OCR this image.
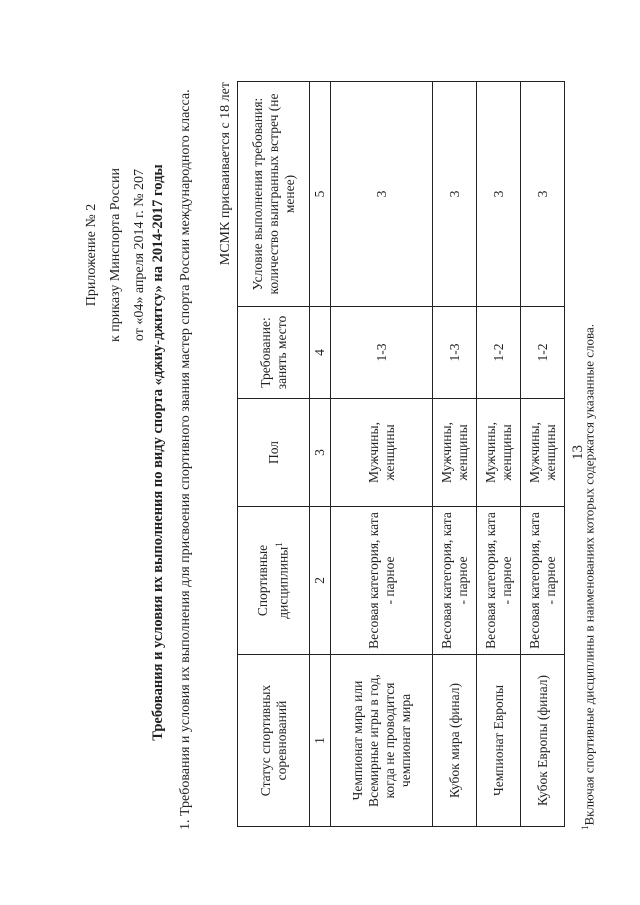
13
Приложение № 2 к приказу Минспорта России от «04» апреля 2014 г. № 207 Требования и условия их выполнения по виду спорта «джиу-джитсу» на 2014-2017 годы 1. Требования и условия их выполнения для присвоения спортивного звания мастер спорта России международного класса. МСМК присваивается с 18 лет
Статус спортивных соревнований	Спортивные дисциплины$^1$	Пол	Требование: занять место	Условие выполнения требования: количество выигранных встреч (не менее)
1	2	3	4	5
Чемпионат мира или Всемирные игры в год, когда не проводится чемпионат мира	Весовая категория, ката - парное	Мужчины, женщины	1-3	3
Кубок мира (финал)	Весовая категория, ката - парное	Мужчины, женщины	1-3	3
Чемпионат Европы	Весовая категория, ката - парное	Мужчины, женщины	1-2	3
Кубок Европы (финал)	Весовая категория, ката - парное	Мужчины, женщины	1-2	3
$^1$Включая спортивные дисциплины в наименованиях которых содержатся указанные слова.
